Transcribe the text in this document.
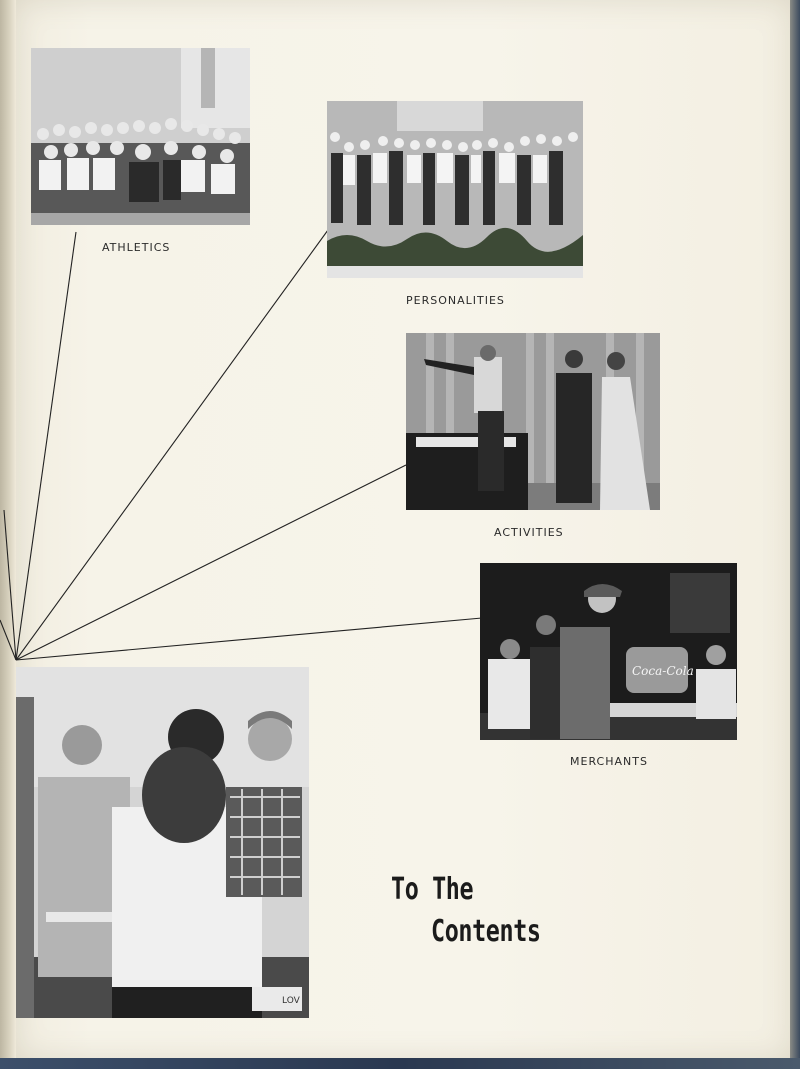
ATHLETICS
PERSONALITIES
ACTIVITIES
Coca-Cola
MERCHANTS
LOV
To The
Contents
